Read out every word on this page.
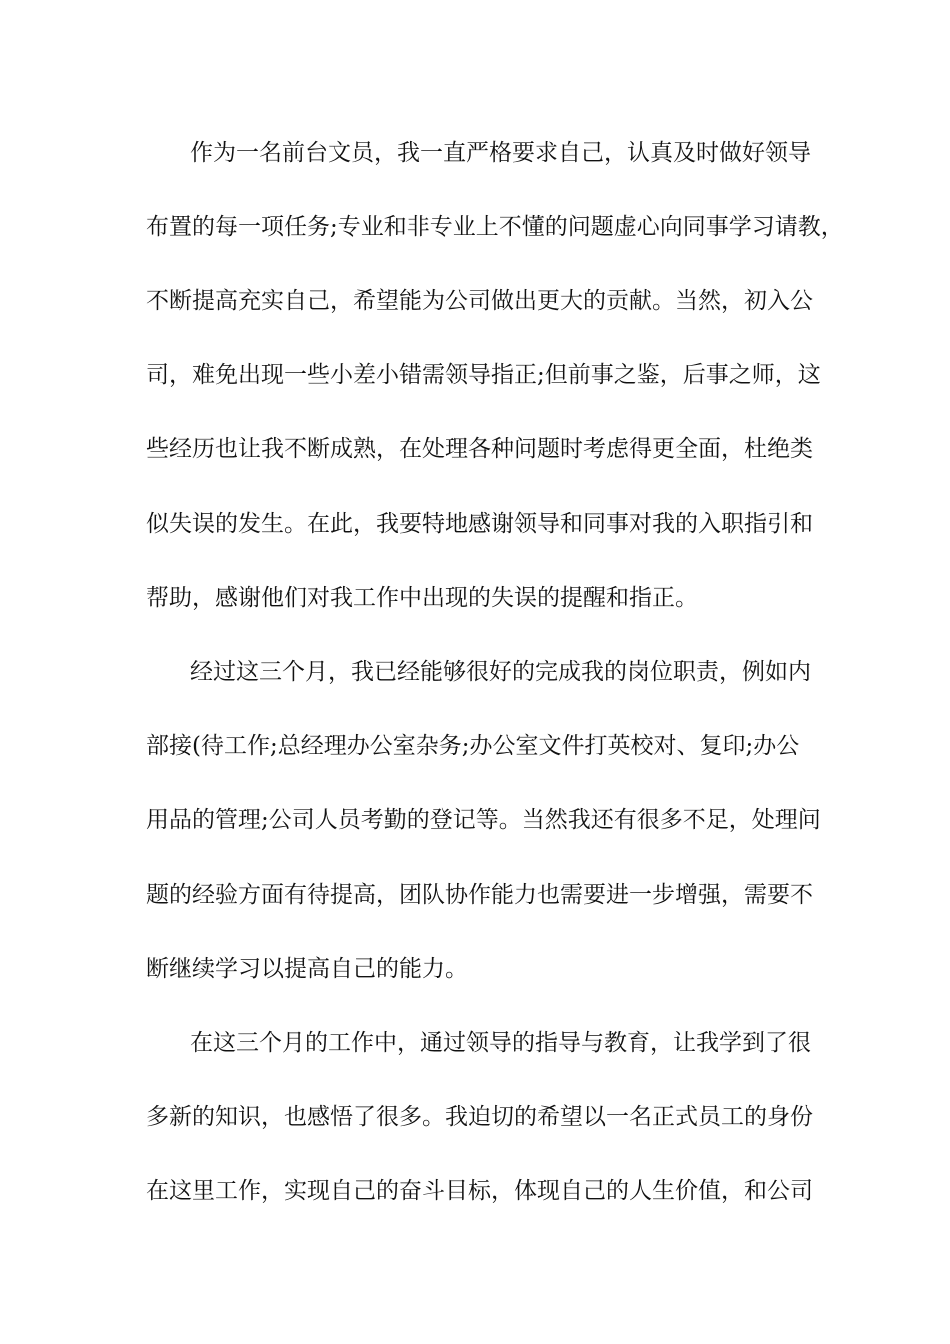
作为一名前台文员，我一直严格要求自己，认真及时做好领导

布置的每一项任务;专业和非专业上不懂的问题虚心向同事学习请教，

不断提高充实自己，希望能为公司做出更大的贡献。当然，初入公

司，难免出现一些小差小错需领导指正;但前事之鉴，后事之师，这

些经历也让我不断成熟，在处理各种问题时考虑得更全面，杜绝类

似失误的发生。在此，我要特地感谢领导和同事对我的入职指引和

帮助，感谢他们对我工作中出现的失误的提醒和指正。

经过这三个月，我已经能够很好的完成我的岗位职责，例如内

部接(待工作;总经理办公室杂务;办公室文件打英校对、复印;办公

用品的管理;公司人员考勤的登记等。当然我还有很多不足，处理问

题的经验方面有待提高，团队协作能力也需要进一步增强，需要不

断继续学习以提高自己的能力。

在这三个月的工作中，通过领导的指导与教育，让我学到了很

多新的知识，也感悟了很多。我迫切的希望以一名正式员工的身份

在这里工作，实现自己的奋斗目标，体现自己的人生价值，和公司
